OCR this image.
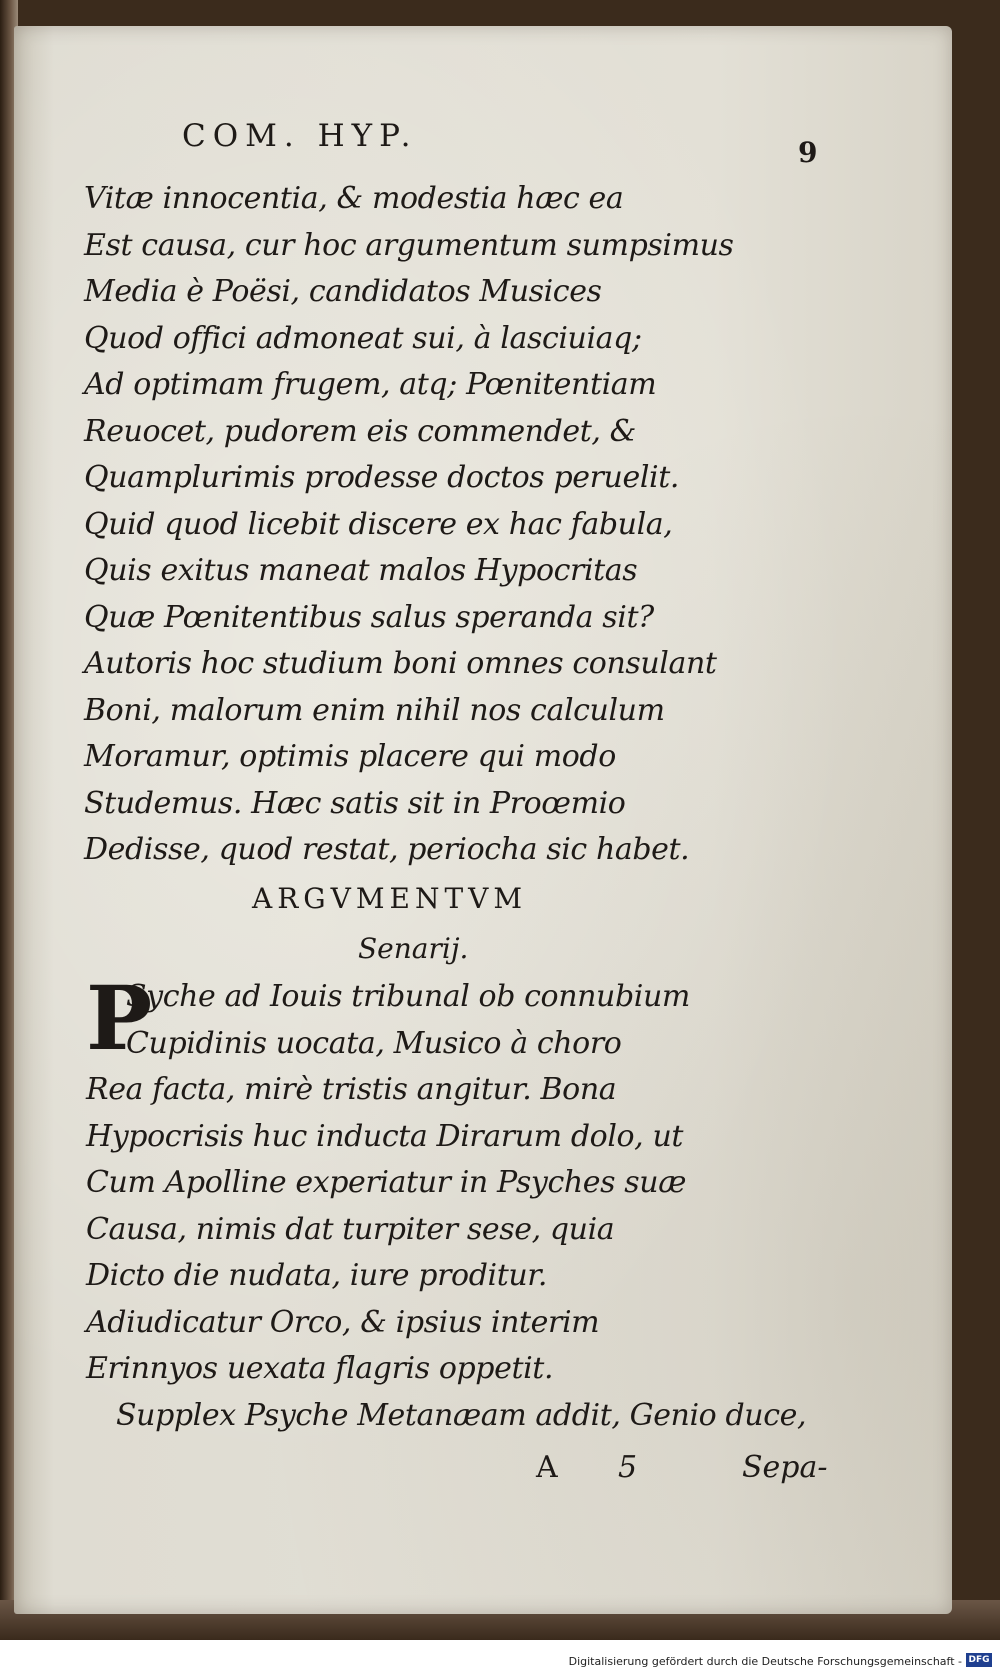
COM. HYP.	9
Vitæ innocentia, & modestia hæc ea
Est causa, cur hoc argumentum sumpsimus
Media è Poësi, candidatos Musices
Quod offici admoneat sui, à lasciuiaq;
Ad optimam frugem, atq; Pœnitentiam
Reuocet, pudorem eis commendet, &
Quamplurimis prodesse doctos peruelit.
Quid quod licebit discere ex hac fabula,
Quis exitus maneat malos Hypocritas
Quæ Pœnitentibus salus speranda sit?
Autoris hoc studium boni omnes consulant
Boni, malorum enim nihil nos calculum
Moramur, optimis placere qui modo
Studemus. Hæc satis sit in Proœmio
Dedisse, quod restat, periocha sic habet.
ARGVMENTVM
Senarij.
P
Syche ad Iouis tribunal ob connubium
Cupidinis uocata, Musico à choro
Rea facta, mirè tristis angitur. Bona
Hypocrisis huc inducta Dirarum dolo, ut
Cum Apolline experiatur in Psyches suæ
Causa, nimis dat turpiter sese, quia
Dicto die nudata, iure proditur.
Adiudicatur Orco, & ipsius interim
Erinnyos uexata flagris oppetit.
Supplex Psyche Metanæam addit, Genio duce,
A 5	Sepa-
Digitalisierung gefördert durch die Deutsche Forschungsgemeinschaft - DFG
